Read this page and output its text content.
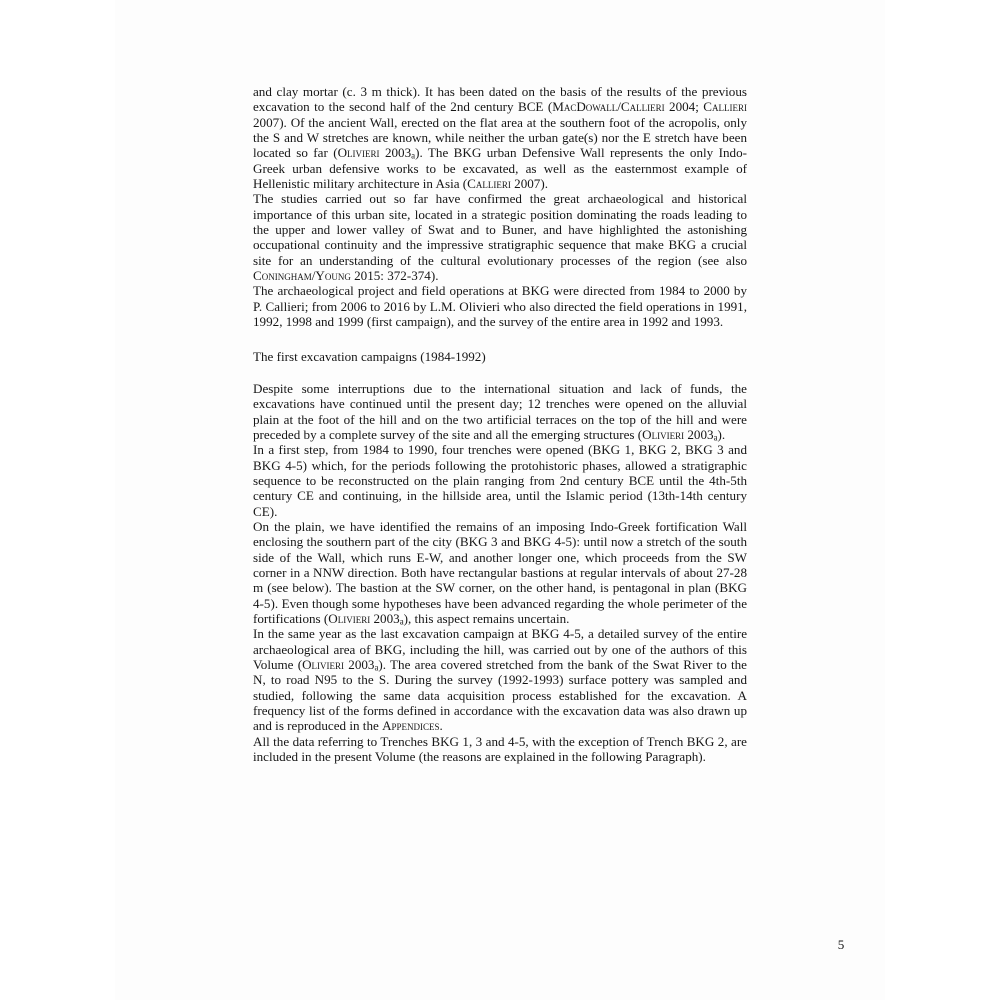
and clay mortar (c. 3 m thick). It has been dated on the basis of the results of the previous excavation to the second half of the 2nd century BCE (MacDowall/Callieri 2004; Callieri 2007). Of the ancient Wall, erected on the flat area at the southern foot of the acropolis, only the S and W stretches are known, while neither the urban gate(s) nor the E stretch have been located so far (Olivieri $2003_a$). The BKG urban Defensive Wall represents the only Indo-Greek urban defensive works to be excavated, as well as the easternmost example of Hellenistic military architecture in Asia (Callieri 2007).

The studies carried out so far have confirmed the great archaeological and historical importance of this urban site, located in a strategic position dominating the roads leading to the upper and lower valley of Swat and to Buner, and have highlighted the astonishing occupational continuity and the impressive stratigraphic sequence that make BKG a crucial site for an understanding of the cultural evolutionary processes of the region (see also Coningham/Young 2015: 372-374).

The archaeological project and field operations at BKG were directed from 1984 to 2000 by P. Callieri; from 2006 to 2016 by L.M. Olivieri who also directed the field operations in 1991, 1992, 1998 and 1999 (first campaign), and the survey of the entire area in 1992 and 1993.

The first excavation campaigns (1984-1992)

Despite some interruptions due to the international situation and lack of funds, the excavations have continued until the present day; 12 trenches were opened on the alluvial plain at the foot of the hill and on the two artificial terraces on the top of the hill and were preceded by a complete survey of the site and all the emerging structures (Olivieri $2003_a$).

In a first step, from 1984 to 1990, four trenches were opened (BKG 1, BKG 2, BKG 3 and BKG 4-5) which, for the periods following the protohistoric phases, allowed a stratigraphic sequence to be reconstructed on the plain ranging from 2nd century BCE until the 4th-5th century CE and continuing, in the hillside area, until the Islamic period (13th-14th century CE).

On the plain, we have identified the remains of an imposing Indo-Greek fortification Wall enclosing the southern part of the city (BKG 3 and BKG 4-5): until now a stretch of the south side of the Wall, which runs E-W, and another longer one, which proceeds from the SW corner in a NNW direction. Both have rectangular bastions at regular intervals of about 27-28 m (see below). The bastion at the SW corner, on the other hand, is pentagonal in plan (BKG 4-5). Even though some hypotheses have been advanced regarding the whole perimeter of the fortifications (Olivieri $2003_a$), this aspect remains uncertain.

In the same year as the last excavation campaign at BKG 4-5, a detailed survey of the entire archaeological area of BKG, including the hill, was carried out by one of the authors of this Volume (Olivieri $2003_a$). The area covered stretched from the bank of the Swat River to the N, to road N95 to the S. During the survey (1992-1993) surface pottery was sampled and studied, following the same data acquisition process established for the excavation. A frequency list of the forms defined in accordance with the excavation data was also drawn up and is reproduced in the Appendices.

All the data referring to Trenches BKG 1, 3 and 4-5, with the exception of Trench BKG 2, are included in the present Volume (the reasons are explained in the following Paragraph).

5
